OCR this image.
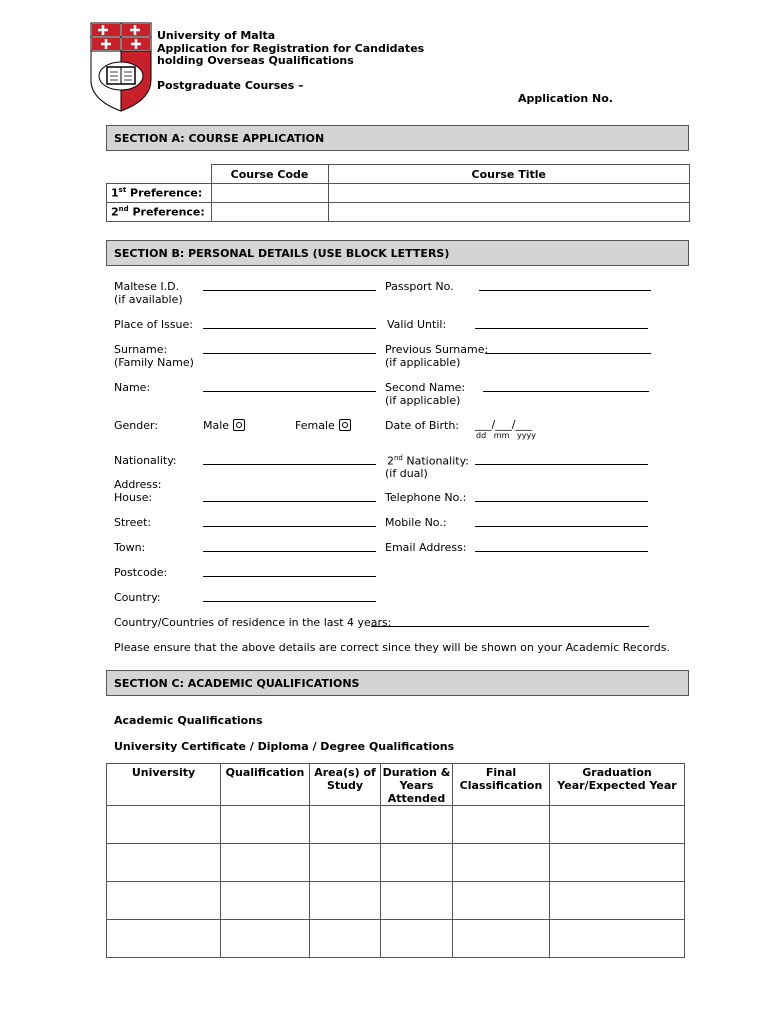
University of Malta
Application for Registration for Candidates
holding Overseas Qualifications
Postgraduate Courses –
Application No.
SECTION A: COURSE APPLICATION
	Course Code	Course Title
1st Preference:		
2nd Preference:		
SECTION B: PERSONAL DETAILS (USE BLOCK LETTERS)
Maltese I.D.
(if available)
Passport No.
Place of Issue:	Valid Until:
Surname:
(Family Name)
Previous Surname:
(if applicable)
Name:	Second Name:
(if applicable)
Gender:	Male	Female	Date of Birth: ___/___/___
dd   mm   yyyy
Nationality:	2nd Nationality:
(if dual)
Address:
House:	Telephone No.:
Street:	Mobile No.:
Town:	Email Address:
Postcode:
Country:
Country/Countries of residence in the last 4 years:
Please ensure that the above details are correct since they will be shown on your Academic Records.
SECTION C: ACADEMIC QUALIFICATIONS
Academic Qualifications
University Certificate / Diploma / Degree Qualifications
University	Qualification	Area(s) of Study	Duration & Years Attended	Final Classification	Graduation Year/Expected Year
